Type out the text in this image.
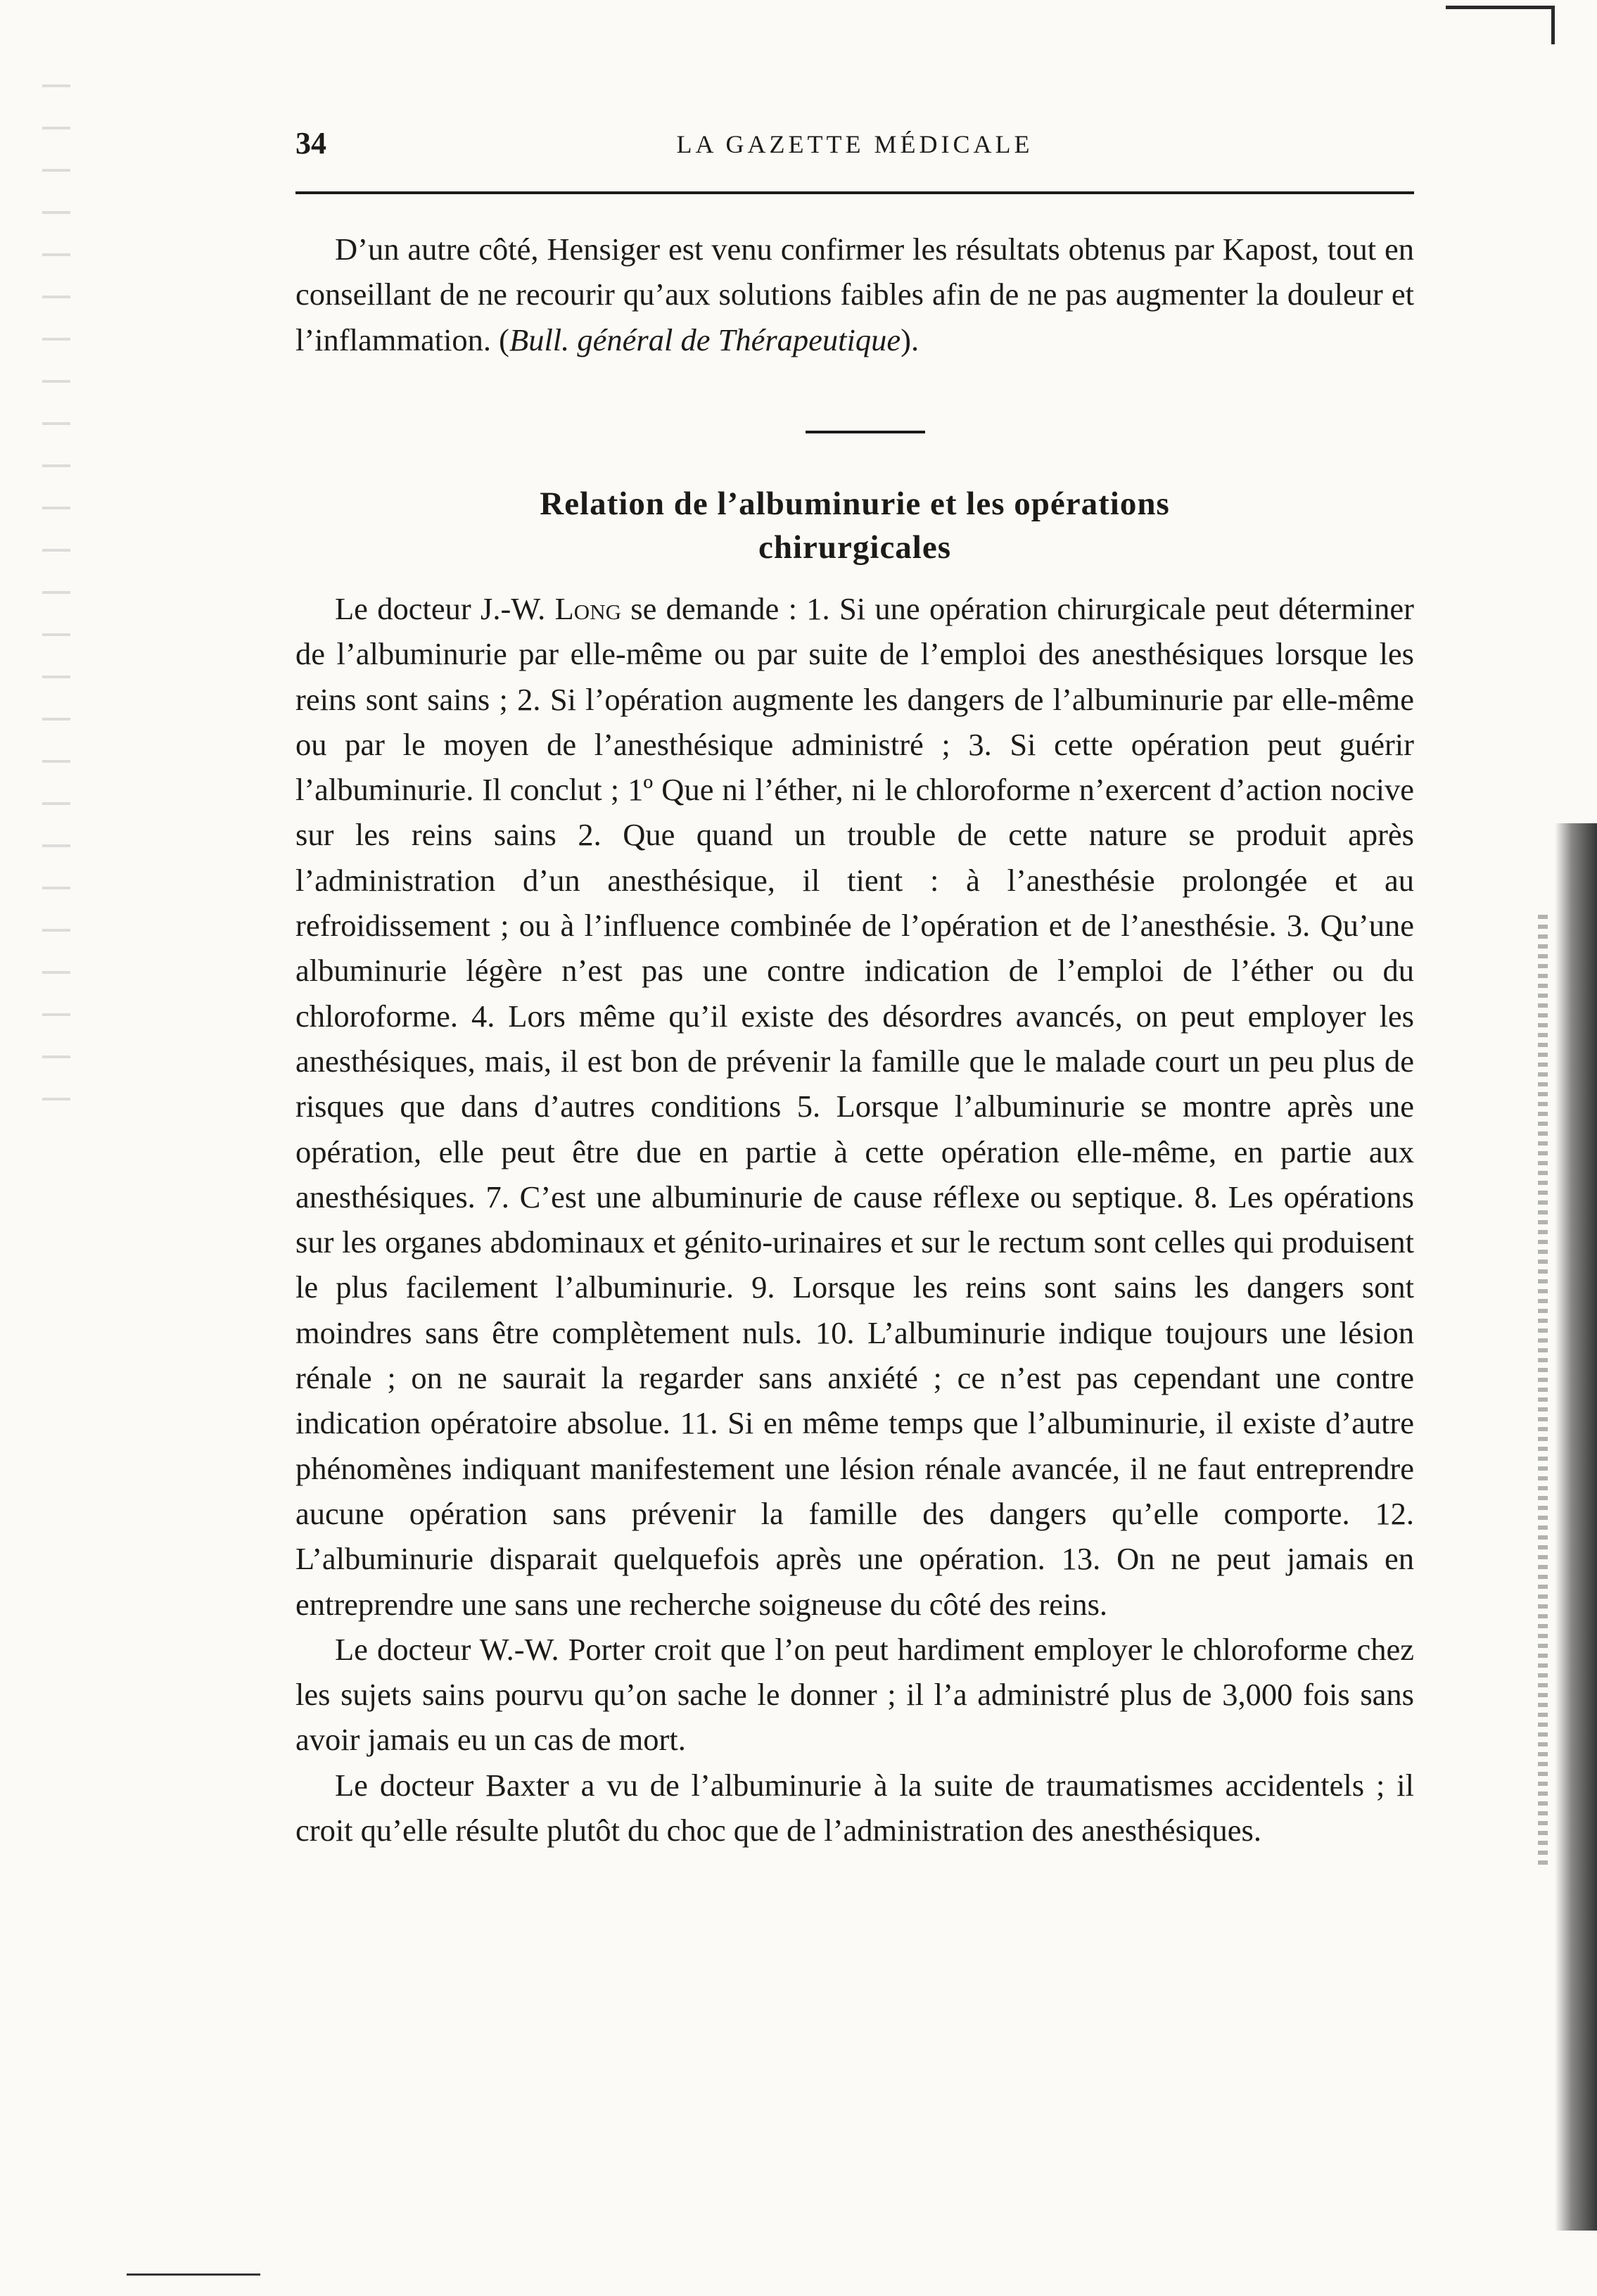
34	LA GAZETTE MÉDICALE

D’un autre côté, Hensiger est venu confirmer les résultats obtenus par Kapost, tout en conseillant de ne recourir qu’aux solutions faibles afin de ne pas augmenter la douleur et l’inflammation. (Bull. général de Thérapeutique).

Relation de l’albuminurie et les opérations
chirurgicales

Le docteur J.-W. Long se demande : 1. Si une opération chirurgicale peut déterminer de l’albuminurie par elle-même ou par suite de l’emploi des anesthésiques lorsque les reins sont sains ; 2. Si l’opération augmente les dangers de l’albuminurie par elle-même ou par le moyen de l’anesthésique administré ; 3. Si cette opération peut guérir l’albuminurie. Il conclut ; 1º Que ni l’éther, ni le chloroforme n’exercent d’action nocive sur les reins sains 2. Que quand un trouble de cette nature se produit après l’administration d’un anesthésique, il tient : à l’anesthésie prolongée et au refroidissement ; ou à l’influence combinée de l’opération et de l’anesthésie. 3. Qu’une albuminurie légère n’est pas une contre indication de l’emploi de l’éther ou du chloroforme. 4. Lors même qu’il existe des désordres avancés, on peut employer les anesthésiques, mais, il est bon de prévenir la famille que le malade court un peu plus de risques que dans d’autres conditions 5. Lorsque l’albuminurie se montre après une opération, elle peut être due en partie à cette opération elle-même, en partie aux anesthésiques. 7. C’est une albuminurie de cause réflexe ou septique. 8. Les opérations sur les organes abdominaux et génito-urinaires et sur le rectum sont celles qui produisent le plus facilement l’albuminurie. 9. Lorsque les reins sont sains les dangers sont moindres sans être complètement nuls. 10. L’albuminurie indique toujours une lésion rénale ; on ne saurait la regarder sans anxiété ; ce n’est pas cependant une contre indication opératoire absolue. 11. Si en même temps que l’albuminurie, il existe d’autre phénomènes indiquant manifestement une lésion rénale avancée, il ne faut entreprendre aucune opération sans prévenir la famille des dangers qu’elle comporte. 12. L’albuminurie disparait quelquefois après une opération. 13. On ne peut jamais en entreprendre une sans une recherche soigneuse du côté des reins.

Le docteur W.-W. Porter croit que l’on peut hardiment employer le chloroforme chez les sujets sains pourvu qu’on sache le donner ; il l’a administré plus de 3,000 fois sans avoir jamais eu un cas de mort.

Le docteur Baxter a vu de l’albuminurie à la suite de traumatismes accidentels ; il croit qu’elle résulte plutôt du choc que de l’administration des anesthésiques.
